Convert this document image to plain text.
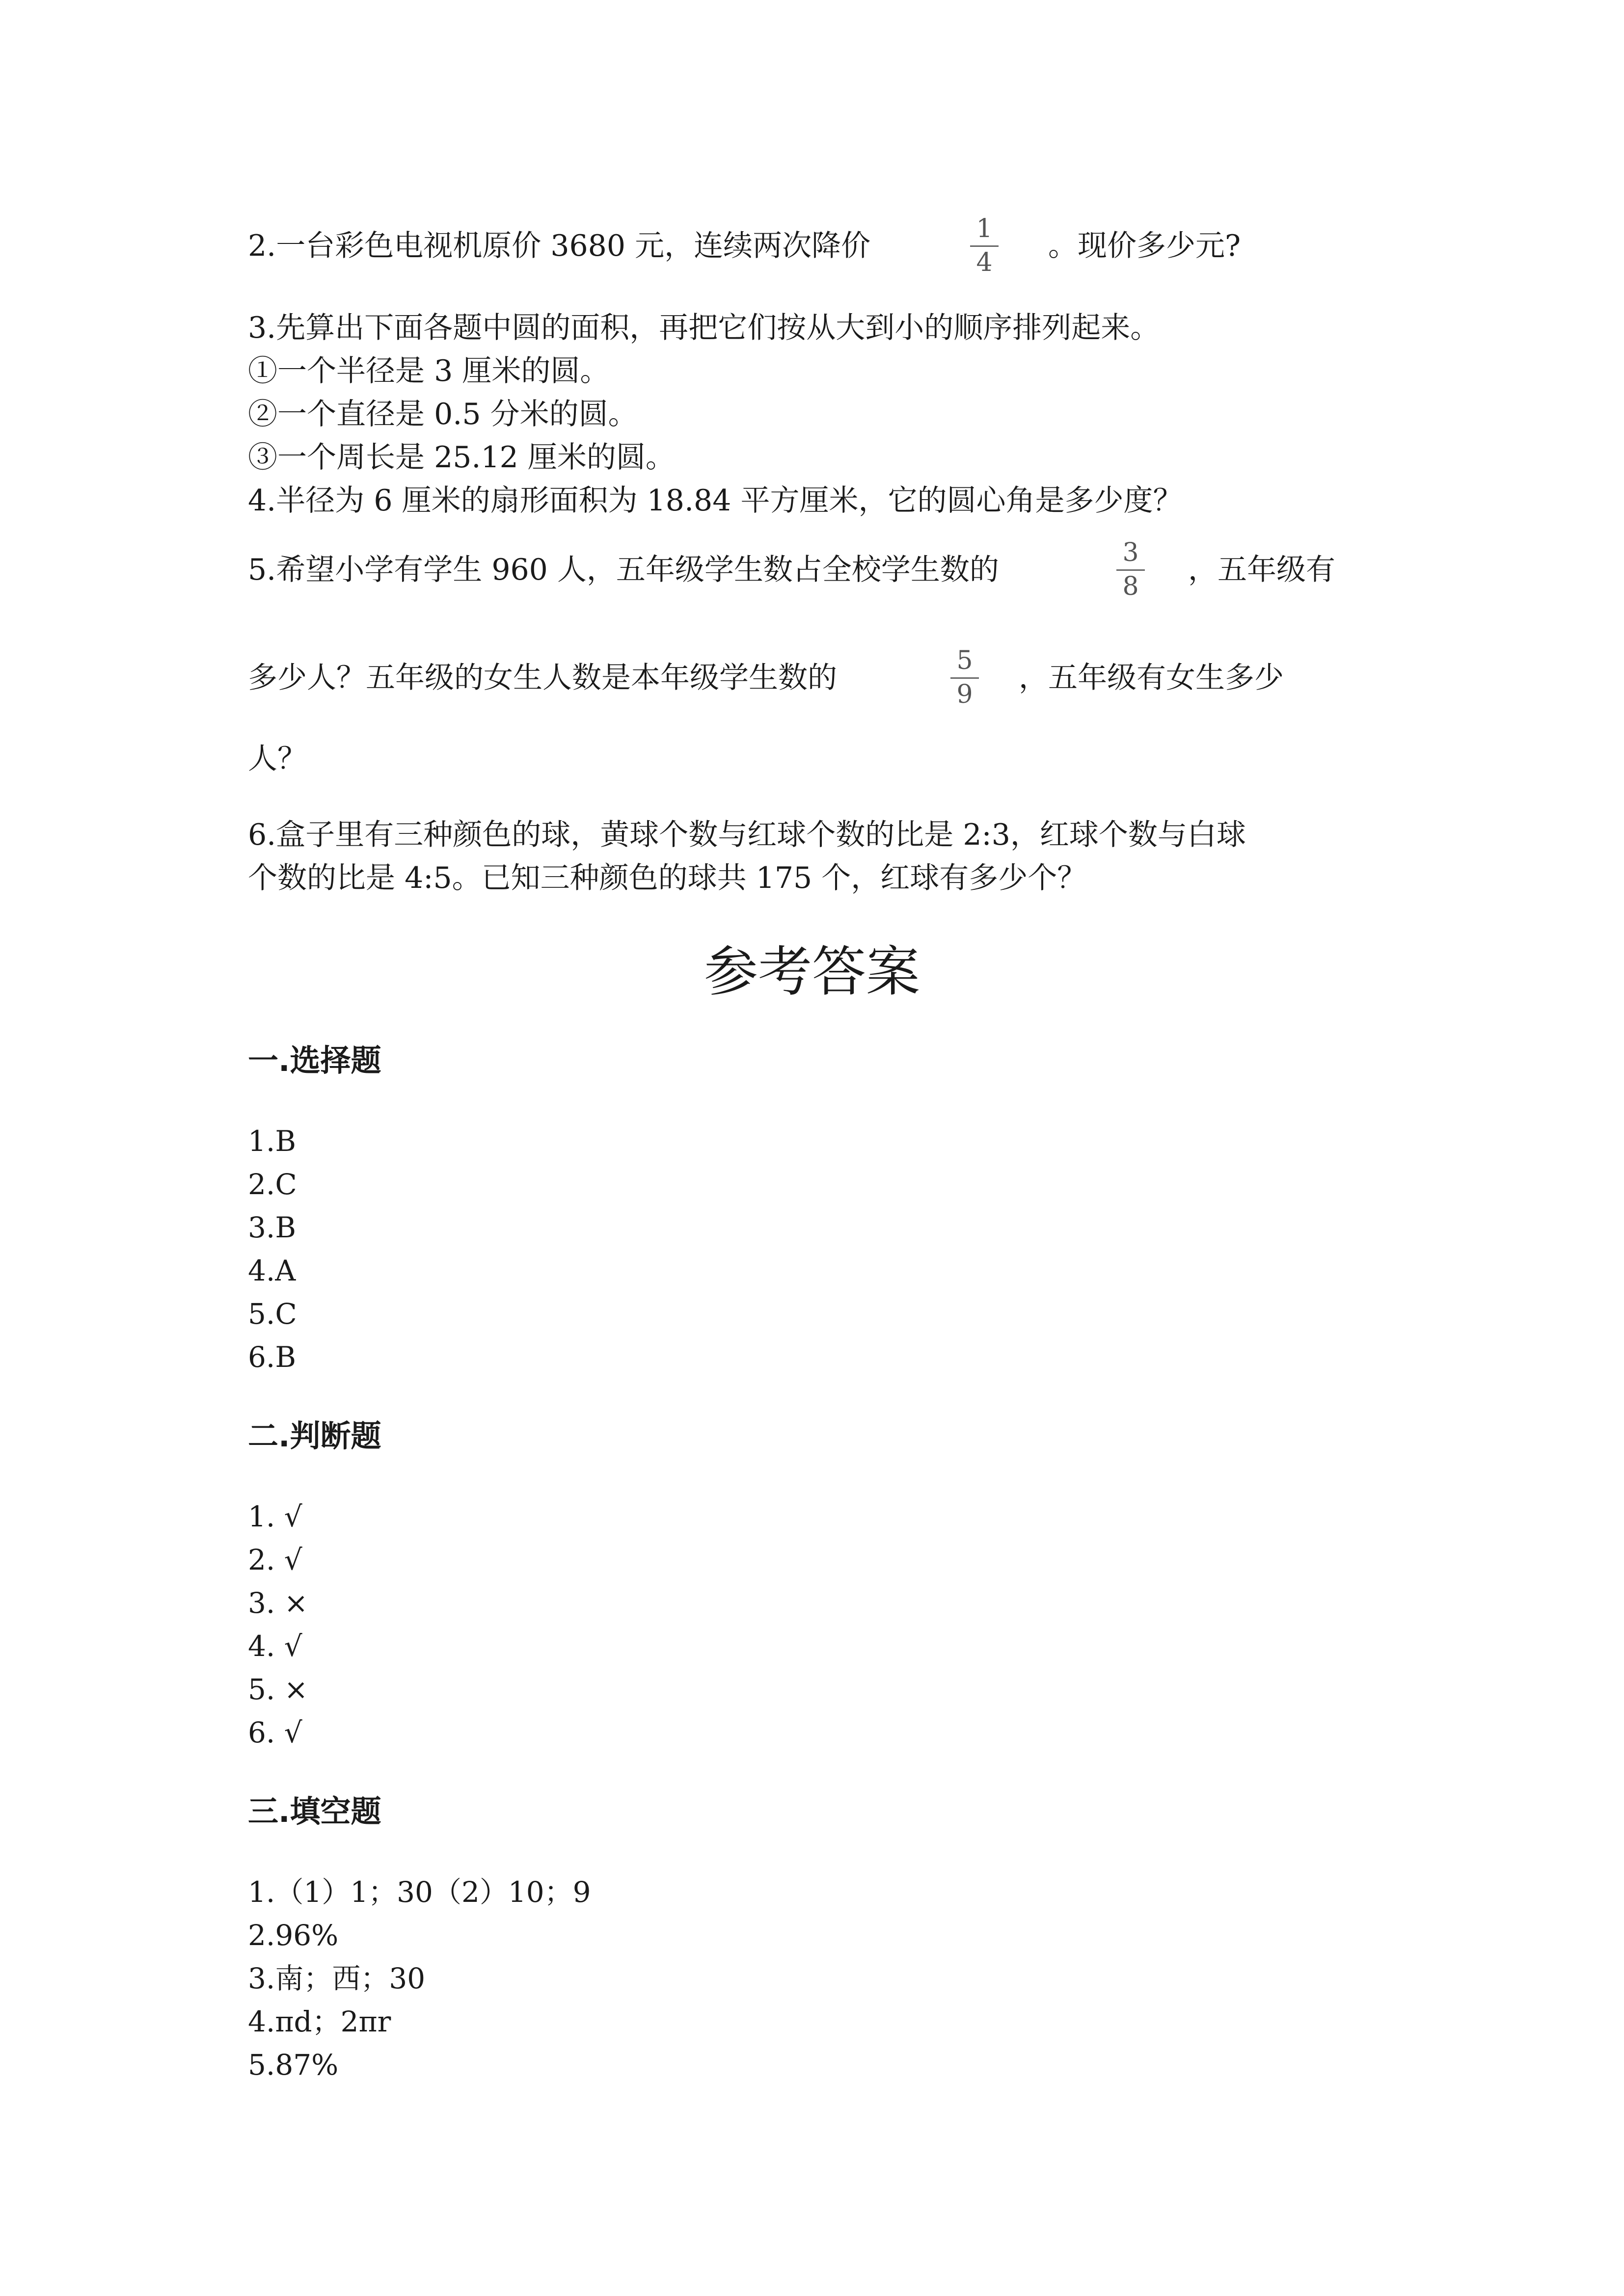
2.一台彩色电视机原价 3680 元，连续两次降价	1
4	。现价多少元?
3.先算出下面各题中圆的面积，再把它们按从大到小的顺序排列起来。
①一个半径是 3 厘米的圆。
②一个直径是 0.5 分米的圆。
③一个周长是 25.12 厘米的圆。
4.半径为 6 厘米的扇形面积为 18.84 平方厘米，它的圆心角是多少度？
5.希望小学有学生 960 人，五年级学生数占全校学生数的	3
8	，五年级有
多少人？五年级的女生人数是本年级学生数的	5
9	，五年级有女生多少
人？
6.盒子里有三种颜色的球，黄球个数与红球个数的比是 2:3，红球个数与白球
个数的比是 4:5。已知三种颜色的球共 175 个，红球有多少个？
参考答案
一.选择题
1.B
2.C
3.B
4.A
5.C
6.B
二.判断题
1. √
2. √
3. ×
4. √
5. ×
6. √
三.填空题
1.（1）1；30（2）10；9
2.96%
3.南；西；30
4.πd；2πr
5.87%
